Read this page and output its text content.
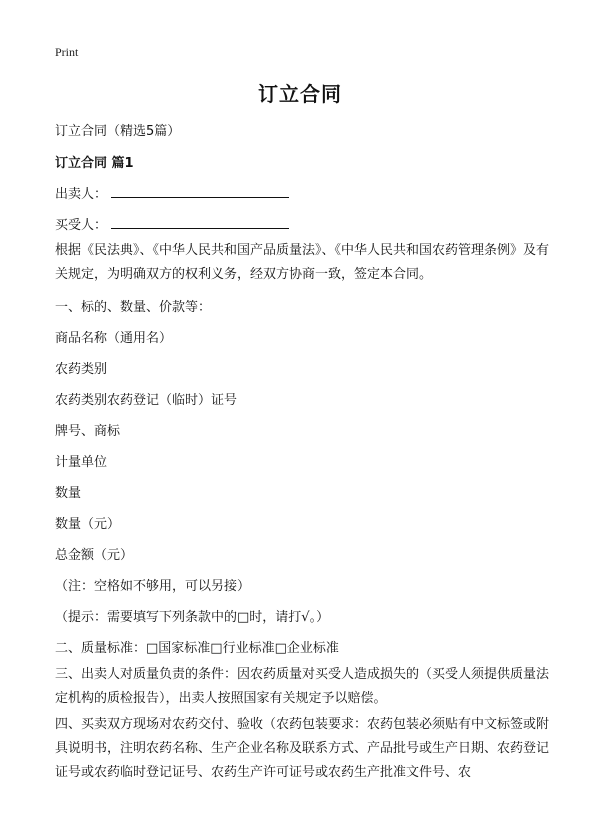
Print
订立合同
订立合同（精选5篇）
订立合同 篇1
出卖人：
买受人：
根据《民法典》、《中华人民共和国产品质量法》、《中华人民共和国农药管理条例》及有关规定，为明确双方的权利义务，经双方协商一致，签定本合同。
一、标的、数量、价款等：
商品名称（通用名）
农药类别
农药类别农药登记（临时）证号
牌号、商标
计量单位
数量
数量（元）
总金额（元）
（注：空格如不够用，可以另接）
（提示：需要填写下列条款中的□时，请打√。）
二、质量标准：□国家标准□行业标准□企业标准
三、出卖人对质量负责的条件：因农药质量对买受人造成损失的（买受人须提供质量法定机构的质检报告），出卖人按照国家有关规定予以赔偿。
四、买卖双方现场对农药交付、验收（农药包装要求：农药包装必须贴有中文标签或附具说明书，注明农药名称、生产企业名称及联系方式、产品批号或生产日期、农药登记证号或农药临时登记证号、农药生产许可证号或农药生产批准文件号、农
